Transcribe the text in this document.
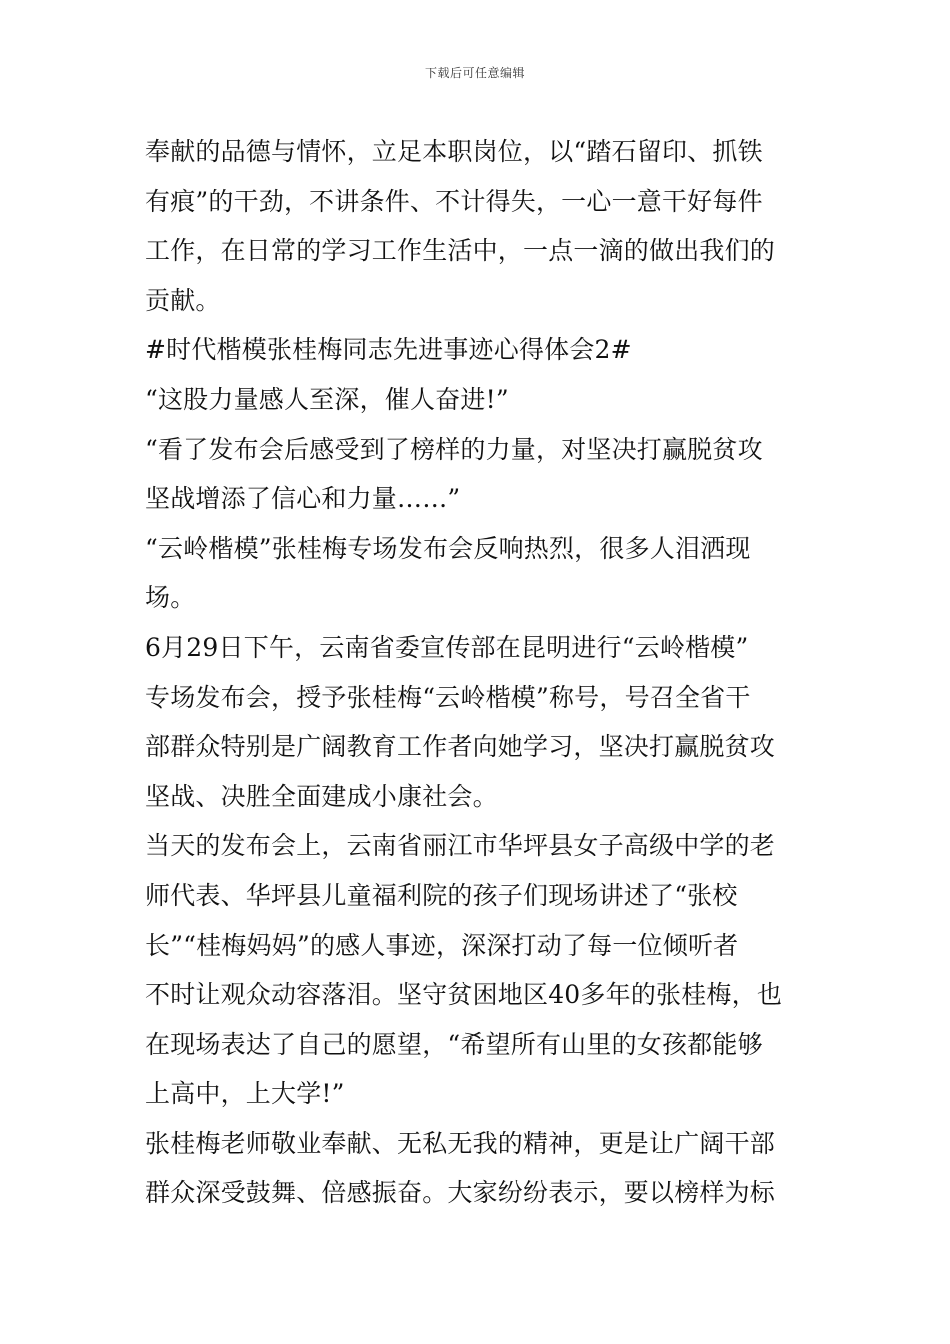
下载后可任意编辑
奉献的品德与情怀，立足本职岗位，以“踏石留印、抓铁
有痕”的干劲，不讲条件、不计得失，一心一意干好每件
工作，在日常的学习工作生活中，一点一滴的做出我们的
贡献。
#时代楷模张桂梅同志先进事迹心得体会2#
“这股力量感人至深，催人奋进!”
“看了发布会后感受到了榜样的力量，对坚决打赢脱贫攻
坚战增添了信心和力量……”
“云岭楷模”张桂梅专场发布会反响热烈，很多人泪洒现
场。
6月29日下午，云南省委宣传部在昆明进行“云岭楷模”
专场发布会，授予张桂梅“云岭楷模”称号，号召全省干
部群众特别是广阔教育工作者向她学习，坚决打赢脱贫攻
坚战、决胜全面建成小康社会。
当天的发布会上，云南省丽江市华坪县女子高级中学的老
师代表、华坪县儿童福利院的孩子们现场讲述了“张校
长”“桂梅妈妈”的感人事迹，深深打动了每一位倾听者
不时让观众动容落泪。坚守贫困地区40多年的张桂梅，也
在现场表达了自己的愿望，“希望所有山里的女孩都能够
上高中，上大学!”
张桂梅老师敬业奉献、无私无我的精神，更是让广阔干部
群众深受鼓舞、倍感振奋。大家纷纷表示，要以榜样为标
